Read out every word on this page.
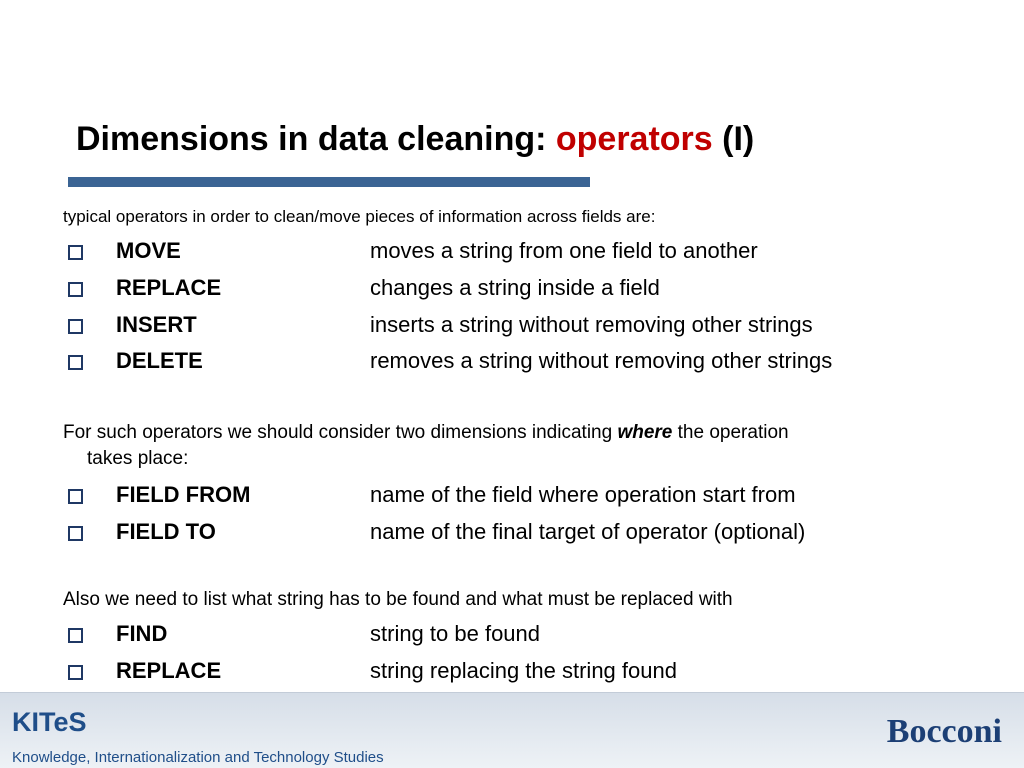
Dimensions in data cleaning: operators (I)
typical operators in order to clean/move pieces of information across fields are:
MOVE	moves a string from one field to another
REPLACE	changes a string inside a field
INSERT	inserts a string without removing other strings
DELETE	removes a string without removing other strings
For such operators we should consider two dimensions indicating where the operation
takes place:
FIELD FROM	name of the field where operation start from
FIELD TO	name of the final target of operator (optional)
Also we need to list what string has to be found and what must be replaced with
FIND	string to be found
REPLACE	string replacing the string found
KITeS
Knowledge, Internationalization and Technology Studies
Bocconi
